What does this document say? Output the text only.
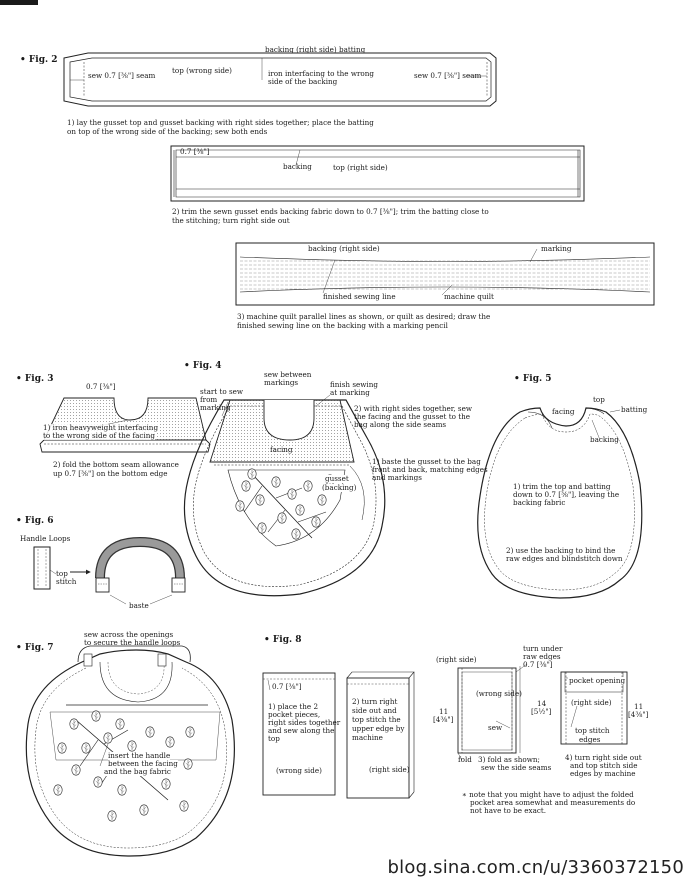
• Fig. 2
backing (right side) batting
sew 0.7 [⅜"] seam
top (wrong side)	iron interfacing to the wrong
side of the backing
sew 0.7 [⅜"] seam
1) lay the gusset top and gusset backing with right sides together; place the batting
on top of the wrong side of the backing; sew both ends
0.7 [⅜"]
backing	top (right side)
2) trim the sewn gusset ends backing fabric down to 0.7 [⅜"]; trim the batting close to
the stitching; turn right side out
backing (right side)	marking
finished sewing line	machine quilt
3) machine quilt parallel lines as shown, or quilt as desired; draw the
finished sewing line on the backing with a marking pencil
• Fig. 3
0.7 [⅜"]
1) iron heavyweight interfacing
to the wrong side of the facing
2) fold the bottom seam allowance
up 0.7 [⅜"] on the bottom edge
• Fig. 4
sew between
markings
start to sew
from
marking
finish sewing
at marking
2) with right sides together, sew
the facing and the gusset to the
bag along the side seams
facing
1) baste the gusset to the bag
front and back, matching edges
and markings
gusset
(backing)
• Fig. 5
top
facing	batting
backing
1) trim the top and batting
down to 0.7 [⅜"], leaving the
backing fabric
2) use the backing to bind the
raw edges and blindstitch down
• Fig. 6
Handle Loops
top
stitch
baste
• Fig. 7
sew across the openings
to secure the handle loops
insert the handle
between the facing
and the bag fabric
• Fig. 8
0.7 [⅜"]
1) place the 2
pocket pieces,
right sides together
and sew along the
top
(wrong side)
2) turn right
side out and
top stitch the
upper edge by
machine
(right side)
(right side)
(wrong side)
sew
11
[4⅜"]
14
[5½"]
fold 3) fold as shown;
sew the side seams
turn under
raw edges
0.7 [⅜"]
pocket opening
(right side)
top stitch
edges
11
[4⅜"]
4) turn right side out
and top stitch side
edges by machine
∗ note that you might have to adjust the folded
pocket area somewhat and measurements do
not have to be exact.
blog.sina.com.cn/u/3360372150
